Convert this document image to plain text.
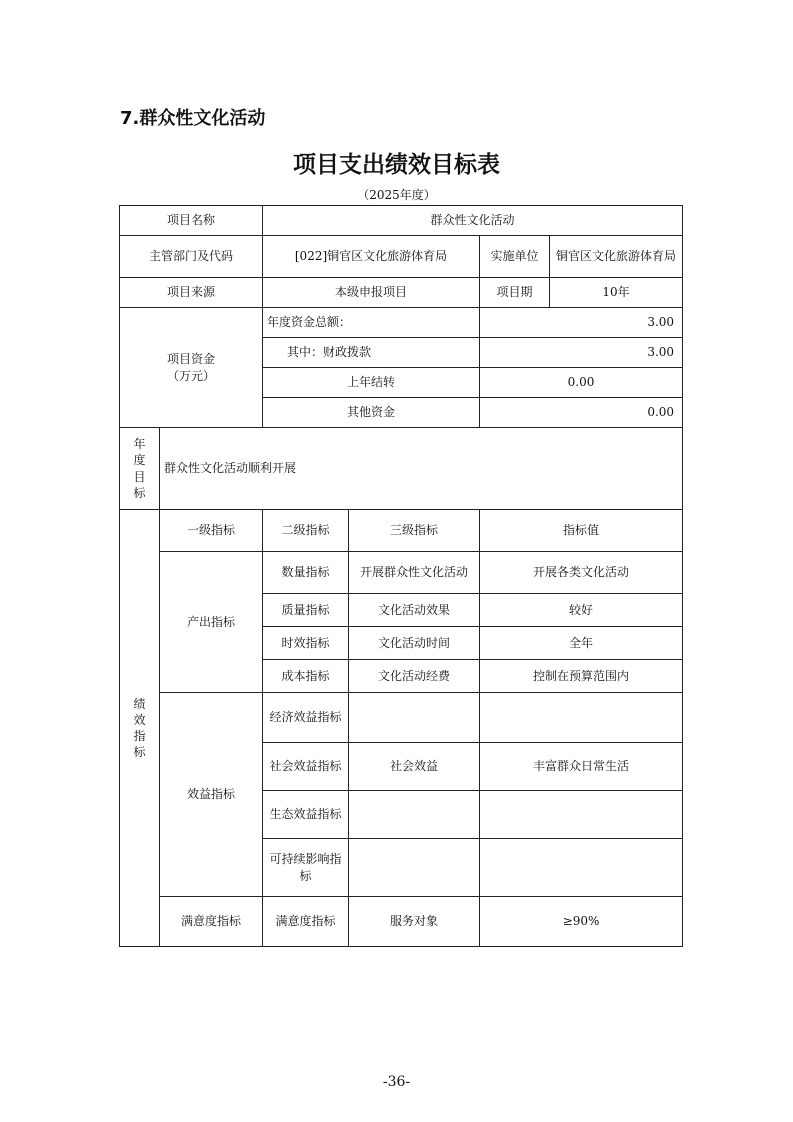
7.群众性文化活动
项目支出绩效目标表
（2025年度）
项目名称		群众性文化活动			
主管部门及代码		[022]铜官区文化旅游体育局		实施单位	铜官区文化旅游体育局
项目来源		本级申报项目		项目期	10年
项目资金
（万元）		年度资金总额：		3.00	
		其中：财政拨款		3.00	
		上年结转		0.00	
		其他资金		0.00	

年
度
目
标	群众性文化活动顺利开展				

绩
效
指
标	一级指标	二级指标	三级指标	指标值	
	产出指标	数量指标	开展群众性文化活动	开展各类文化活动	
		质量指标	文化活动效果	较好	
		时效指标	文化活动时间	全年	
		成本指标	文化活动经费	控制在预算范围内	
	效益指标	经济效益指标			
		社会效益指标	社会效益	丰富群众日常生活	
		生态效益指标			
		可持续影响指标			
	满意度指标	满意度指标	服务对象	≥90%	
-36-
